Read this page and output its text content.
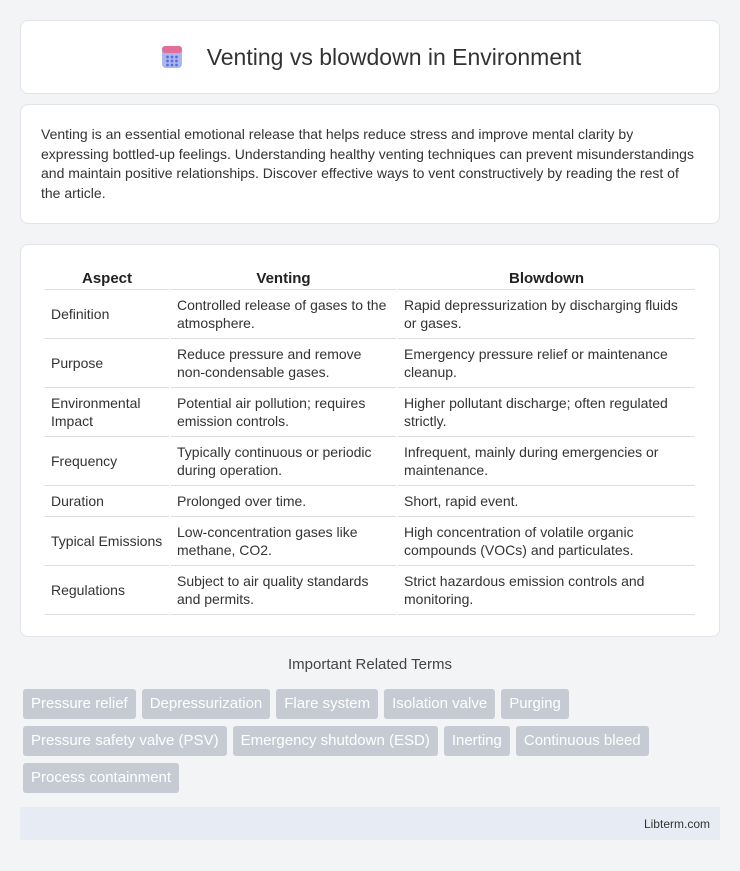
Venting vs blowdown in Environment

Venting is an essential emotional release that helps reduce stress and improve mental clarity by expressing bottled-up feelings. Understanding healthy venting techniques can prevent misunderstandings and maintain positive relationships. Discover effective ways to vent constructively by reading the rest of the article.

Aspect	Venting	Blowdown
Definition	Controlled release of gases to the atmosphere.	Rapid depressurization by discharging fluids or gases.
Purpose	Reduce pressure and remove non-condensable gases.	Emergency pressure relief or maintenance cleanup.
Environmental Impact	Potential air pollution; requires emission controls.	Higher pollutant discharge; often regulated strictly.
Frequency	Typically continuous or periodic during operation.	Infrequent, mainly during emergencies or maintenance.
Duration	Prolonged over time.	Short, rapid event.
Typical Emissions	Low-concentration gases like methane, CO2.	High concentration of volatile organic compounds (VOCs) and particulates.
Regulations	Subject to air quality standards and permits.	Strict hazardous emission controls and monitoring.
Important Related Terms
Pressure relief	Depressurization	Flare system	Isolation valve	Purging
Pressure safety valve (PSV)	Emergency shutdown (ESD)	Inerting	Continuous bleed
Process containment
Libterm.com
